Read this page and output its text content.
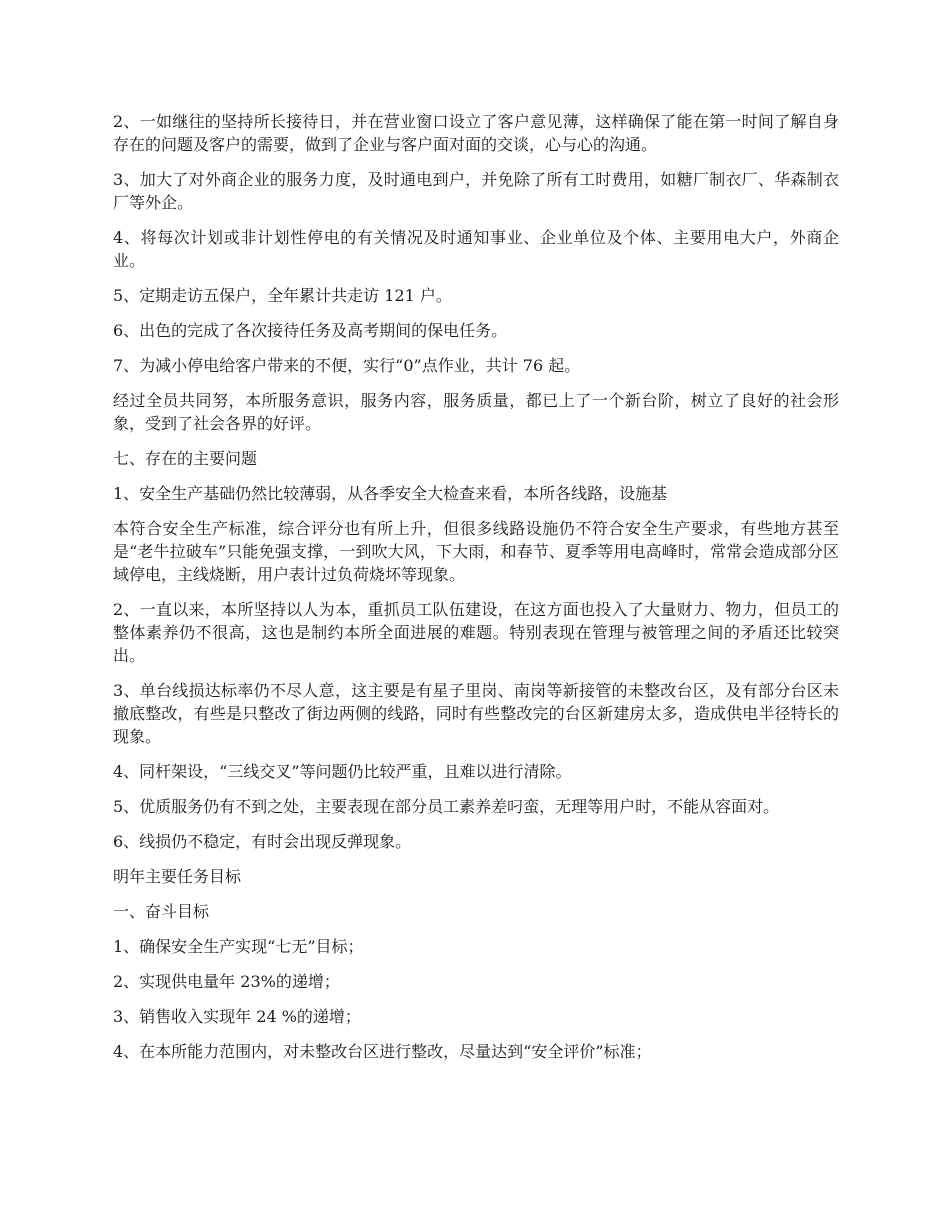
2、一如继往的坚持所长接待日，并在营业窗口设立了客户意见薄，这样确保了能在第一时间了解自身存在的问题及客户的需要，做到了企业与客户面对面的交谈，心与心的沟通。

3、加大了对外商企业的服务力度，及时通电到户，并免除了所有工时费用，如糖厂制衣厂、华森制衣厂等外企。

4、将每次计划或非计划性停电的有关情况及时通知事业、企业单位及个体、主要用电大户，外商企业。

5、定期走访五保户，全年累计共走访 121 户。

6、出色的完成了各次接待任务及高考期间的保电任务。

7、为减小停电给客户带来的不便，实行“0”点作业，共计 76 起。

经过全员共同努，本所服务意识，服务内容，服务质量，都已上了一个新台阶，树立了良好的社会形象，受到了社会各界的好评。

七、存在的主要问题

1、安全生产基础仍然比较薄弱，从各季安全大检查来看，本所各线路，设施基

本符合安全生产标准，综合评分也有所上升，但很多线路设施仍不符合安全生产要求，有些地方甚至是“老牛拉破车”只能免强支撑，一到吹大风，下大雨，和春节、夏季等用电高峰时，常常会造成部分区域停电，主线烧断，用户表计过负荷烧坏等现象。

2、一直以来，本所坚持以人为本，重抓员工队伍建设，在这方面也投入了大量财力、物力，但员工的整体素养仍不很高，这也是制约本所全面进展的难题。特别表现在管理与被管理之间的矛盾还比较突出。

3、单台线损达标率仍不尽人意，这主要是有星子里岗、南岗等新接管的未整改台区，及有部分台区未撤底整改，有些是只整改了街边两侧的线路，同时有些整改完的台区新建房太多，造成供电半径特长的现象。

4、同杆架设，“三线交叉”等问题仍比较严重，且难以进行清除。

5、优质服务仍有不到之处，主要表现在部分员工素养差叼蛮，无理等用户时，不能从容面对。

6、线损仍不稳定，有时会出现反弹现象。

明年主要任务目标

一、奋斗目标

1、确保安全生产实现“七无”目标；

2、实现供电量年 23%的递增；

3、销售收入实现年 24 %的递增；

4、在本所能力范围内，对未整改台区进行整改，尽量达到“安全评价”标准；
